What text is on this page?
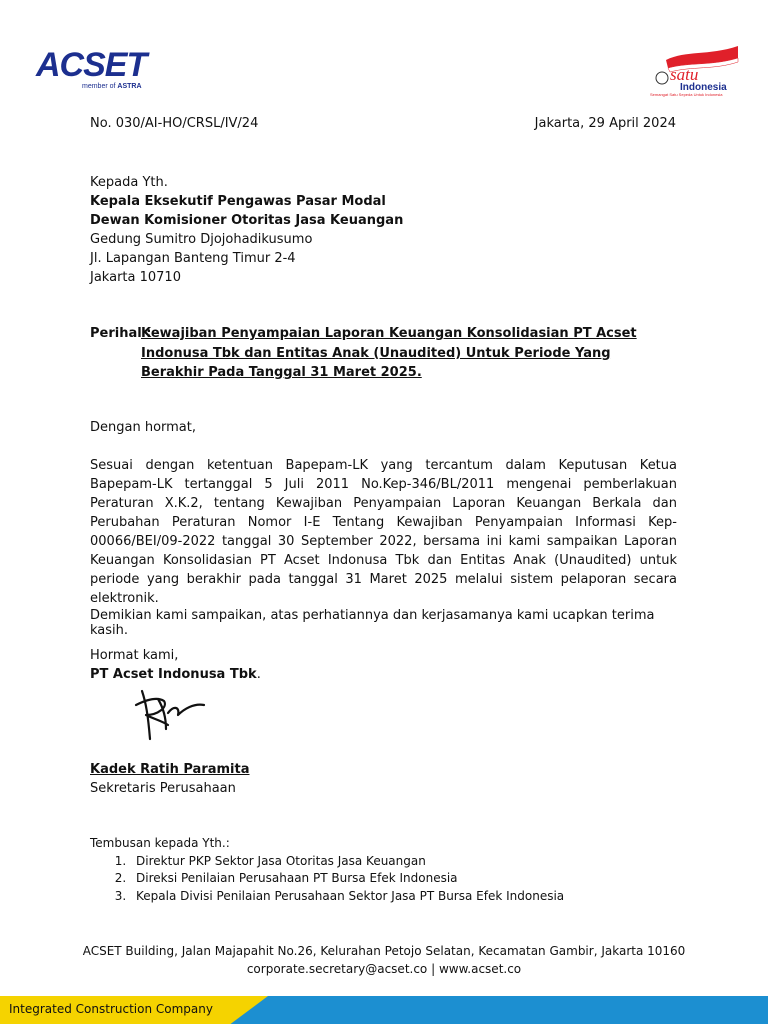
ACSET
member of ASTRA
satu
Indonesia
Semangat Satu Sepeda Untuk Indonesia
No. 030/AI-HO/CRSL/IV/24	Jakarta, 29 April 2024
Kepada Yth.
Kepala Eksekutif Pengawas Pasar Modal
Dewan Komisioner Otoritas Jasa Keuangan
Gedung Sumitro Djojohadikusumo
Jl. Lapangan Banteng Timur 2-4
Jakarta 10710
Perihal :
Kewajiban Penyampaian Laporan Keuangan Konsolidasian PT Acset Indonusa Tbk dan Entitas Anak (Unaudited) Untuk Periode Yang Berakhir Pada Tanggal 31 Maret 2025.
Dengan hormat,
Sesuai dengan ketentuan Bapepam-LK yang tercantum dalam Keputusan Ketua Bapepam-LK tertanggal 5 Juli 2011 No.Kep-346/BL/2011 mengenai pemberlakuan Peraturan X.K.2, tentang Kewajiban Penyampaian Laporan Keuangan Berkala dan Perubahan Peraturan Nomor I-E Tentang Kewajiban Penyampaian Informasi Kep-00066/BEI/09-2022 tanggal 30 September 2022, bersama ini kami sampaikan Laporan Keuangan Konsolidasian PT Acset Indonusa Tbk dan Entitas Anak (Unaudited) untuk periode yang berakhir pada tanggal 31 Maret 2025 melalui sistem pelaporan secara elektronik.
Demikian kami sampaikan, atas perhatiannya dan kerjasamanya kami ucapkan terima kasih.
Hormat kami,
PT Acset Indonusa Tbk.
Kadek Ratih Paramita
Sekretaris Perusahaan
Tembusan kepada Yth.:
1. Direktur PKP Sektor Jasa Otoritas Jasa Keuangan
2. Direksi Penilaian Perusahaan PT Bursa Efek Indonesia
3. Kepala Divisi Penilaian Perusahaan Sektor Jasa PT Bursa Efek Indonesia
ACSET Building, Jalan Majapahit No.26, Kelurahan Petojo Selatan, Kecamatan Gambir, Jakarta 10160
corporate.secretary@acset.co | www.acset.co
Integrated Construction Company
